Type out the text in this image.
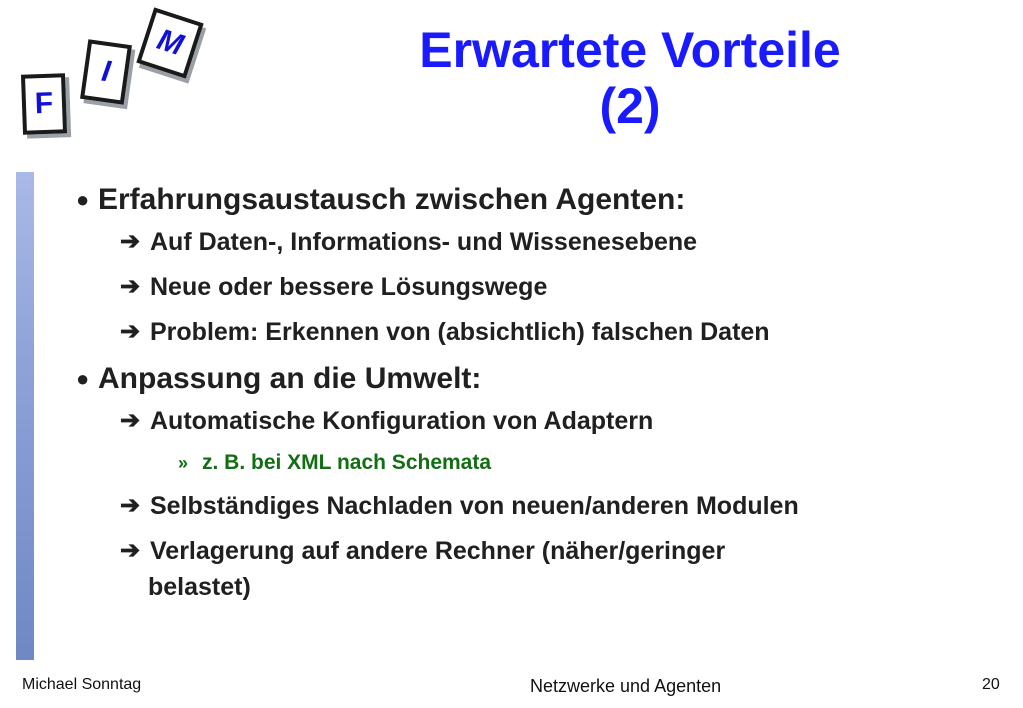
F
I
M	Erwartete Vorteile
(2)
● Erfahrungsaustausch zwischen Agenten:
➔ Auf Daten-, Informations- und Wissenesebene
➔ Neue oder bessere Lösungswege
➔ Problem: Erkennen von (absichtlich) falschen Daten
● Anpassung an die Umwelt:
➔ Automatische Konfiguration von Adaptern
» z. B. bei XML nach Schemata
➔ Selbständiges Nachladen von neuen/anderen Modulen
➔ Verlagerung auf andere Rechner (näher/geringer
belastet)
Michael Sonntag	Netzwerke und Agenten	20
